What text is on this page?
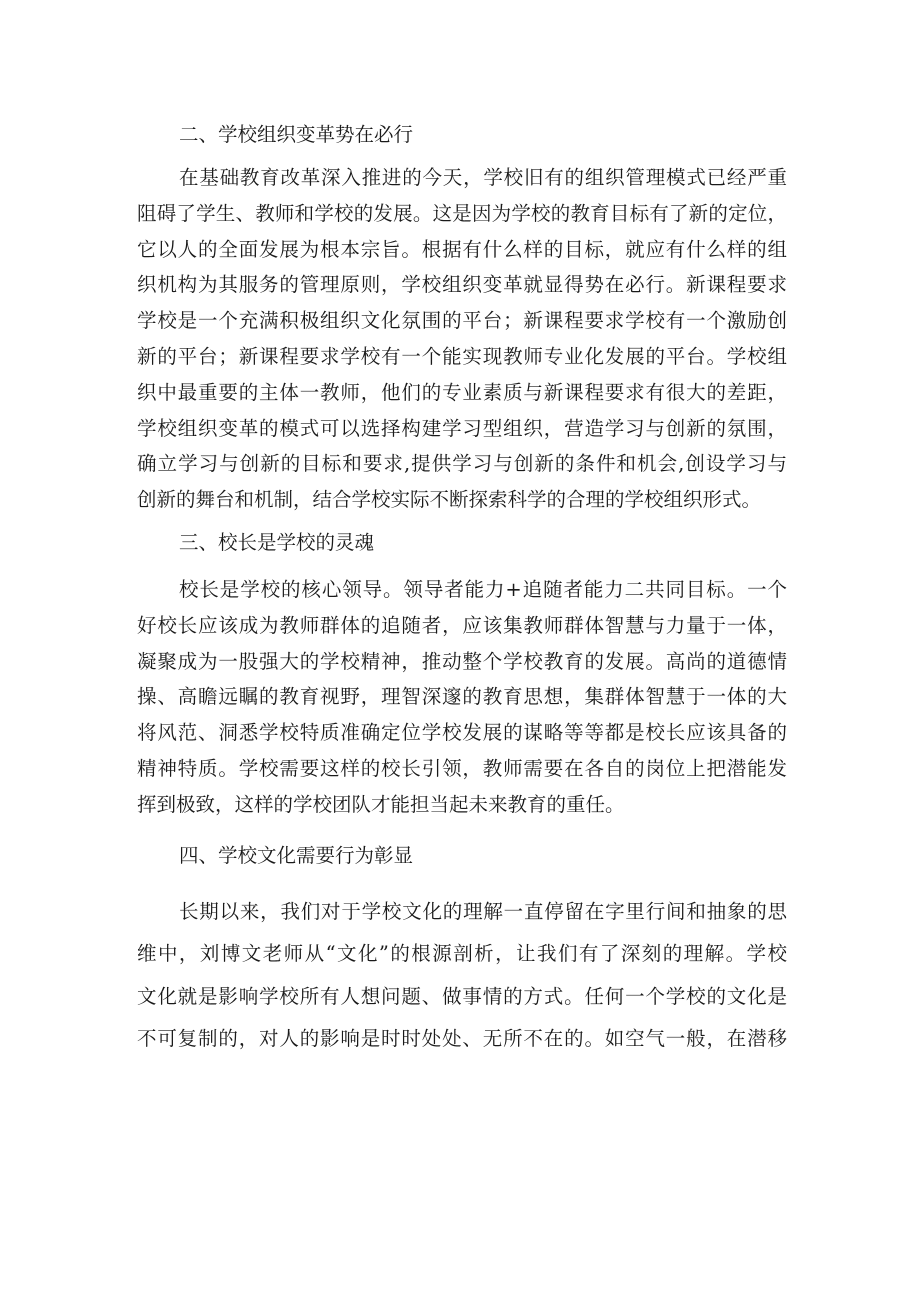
二、学校组织变革势在必行

在基础教育改革深入推进的今天，学校旧有的组织管理模式已经严重
阻碍了学生、教师和学校的发展。这是因为学校的教育目标有了新的定位，
它以人的全面发展为根本宗旨。根据有什么样的目标，就应有什么样的组
织机构为其服务的管理原则，学校组织变革就显得势在必行。新课程要求
学校是一个充满积极组织文化氛围的平台；新课程要求学校有一个激励创
新的平台；新课程要求学校有一个能实现教师专业化发展的平台。学校组
织中最重要的主体一教师，他们的专业素质与新课程要求有很大的差距，
学校组织变革的模式可以选择构建学习型组织，营造学习与创新的氛围，
确立学习与创新的目标和要求,提供学习与创新的条件和机会,创设学习与
创新的舞台和机制，结合学校实际不断探索科学的合理的学校组织形式。

三、校长是学校的灵魂

校长是学校的核心领导。领导者能力+追随者能力二共同目标。一个
好校长应该成为教师群体的追随者，应该集教师群体智慧与力量于一体，
凝聚成为一股强大的学校精神，推动整个学校教育的发展。高尚的道德情
操、高瞻远瞩的教育视野，理智深邃的教育思想，集群体智慧于一体的大
将风范、洞悉学校特质准确定位学校发展的谋略等等都是校长应该具备的
精神特质。学校需要这样的校长引领，教师需要在各自的岗位上把潜能发
挥到极致，这样的学校团队才能担当起未来教育的重任。

四、学校文化需要行为彰显

长期以来，我们对于学校文化的理解一直停留在字里行间和抽象的思
维中，刘博文老师从“文化”的根源剖析，让我们有了深刻的理解。学校
文化就是影响学校所有人想问题、做事情的方式。任何一个学校的文化是
不可复制的，对人的影响是时时处处、无所不在的。如空气一般，在潜移
